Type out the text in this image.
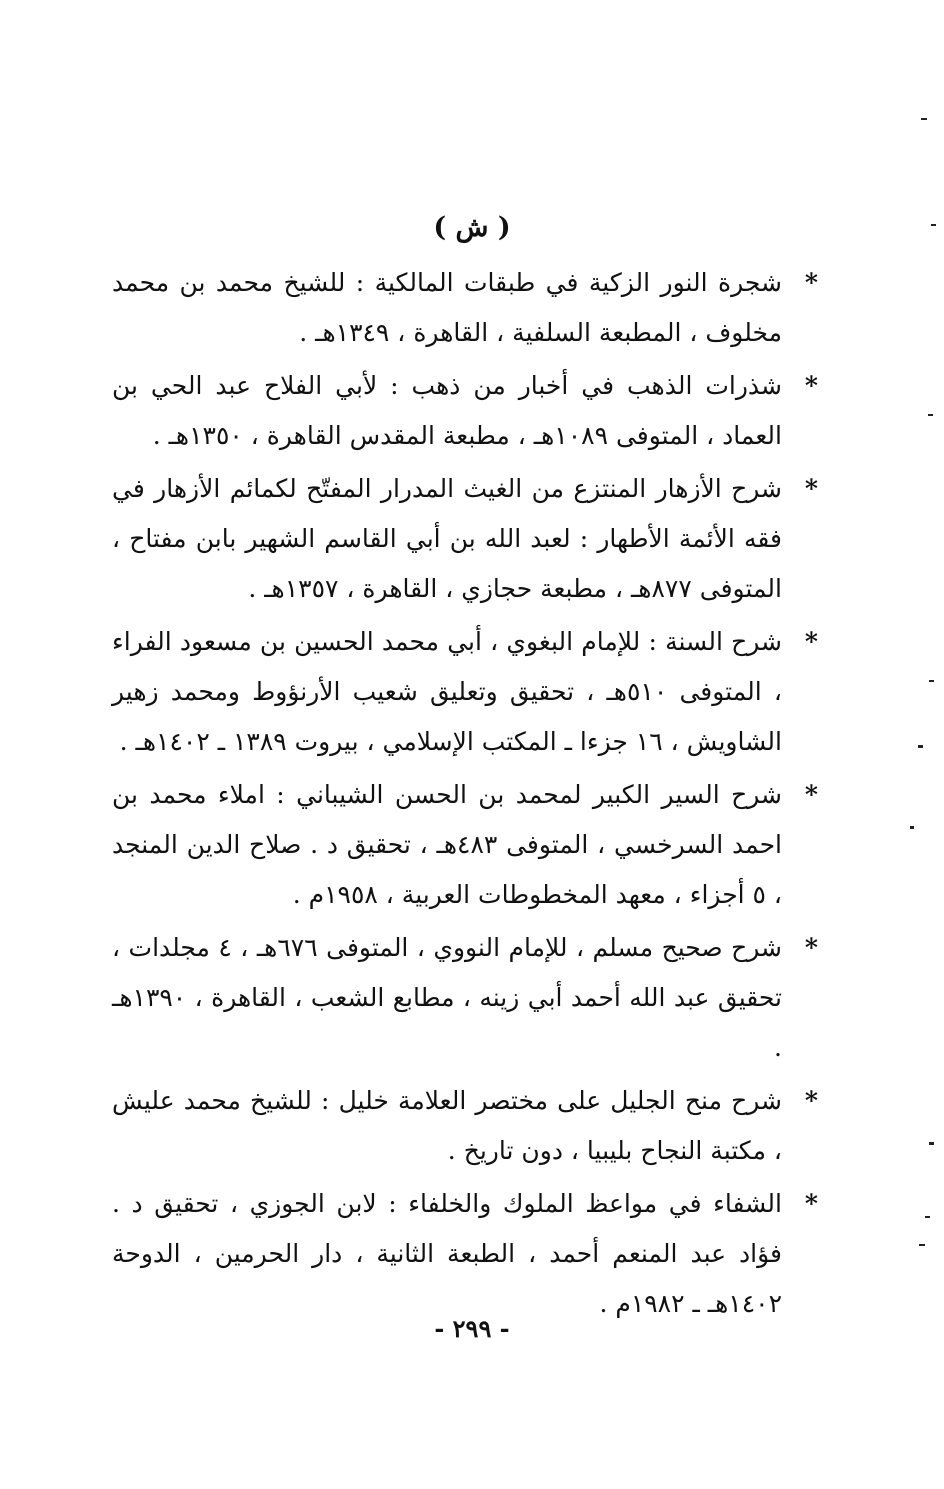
( ش )
*
شجرة النور الزكية في طبقات المالكية : للشيخ محمد بن محمد مخلوف ، المطبعة السلفية ، القاهرة ، ١٣٤٩هـ .
*
شذرات الذهب في أخبار من ذهب : لأبي الفلاح عبد الحي بن العماد ، المتوفى ١٠٨٩هـ ، مطبعة المقدس القاهرة ، ١٣٥٠هـ .
*
شرح الأزهار المنتزع من الغيث المدرار المفتّح لكمائم الأزهار في فقه الأئمة الأطهار : لعبد الله بن أبي القاسم الشهير بابن مفتاح ، المتوفى ٨٧٧هـ ، مطبعة حجازي ، القاهرة ، ١٣٥٧هـ .
*
شرح السنة : للإمام البغوي ، أبي محمد الحسين بن مسعود الفراء ، المتوفى ٥١٠هـ ، تحقيق وتعليق شعيب الأرنؤوط ومحمد زهير الشاويش ، ١٦ جزءا ـ المكتب الإسلامي ، بيروت ١٣٨٩ ـ ١٤٠٢هـ .
*
شرح السير الكبير لمحمد بن الحسن الشيباني : املاء محمد بن احمد السرخسي ، المتوفى ٤٨٣هـ ، تحقيق د . صلاح الدين المنجد ، ٥ أجزاء ، معهد المخطوطات العربية ، ١٩٥٨م .
*
شرح صحيح مسلم ، للإمام النووي ، المتوفى ٦٧٦هـ ، ٤ مجلدات ، تحقيق عبد الله أحمد أبي زينه ، مطابع الشعب ، القاهرة ، ١٣٩٠هـ .
*
شرح منح الجليل على مختصر العلامة خليل : للشيخ محمد عليش ، مكتبة النجاح بليبيا ، دون تاريخ .
*
الشفاء في مواعظ الملوك والخلفاء : لابن الجوزي ، تحقيق د . فؤاد عبد المنعم أحمد ، الطبعة الثانية ، دار الحرمين ، الدوحة ١٤٠٢هـ ـ ١٩٨٢م .
- ٢٩٩ -
